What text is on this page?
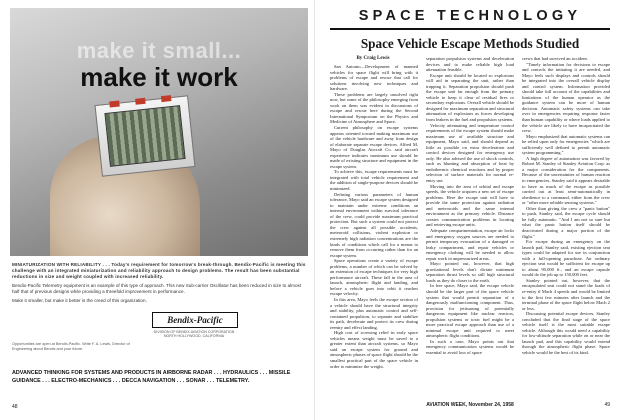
make it small...
make it work

MINIATURIZATION WITH RELIABILITY . . . Today's requirement for tomorrow's break-through. Bendix-Pacific is meeting this challenge with an integrated miniaturization and reliability approach to design problems. The result has been substantial reductions in size and weight coupled with increased reliability.

Bendix-Pacific Telemetry equipment is an example of this type of approach. This new Sub-carrier Oscillator has been reduced in size to almost half that of previous designs while providing a threefold improvement in performance.

Make it smaller, but make it better is the creed of this organization.

Bendix-Pacific
DIVISION OF BENDIX AVIATION CORPORATION
NORTH HOLLYWOOD, CALIFORNIA
Opportunities are open at Bendix-Pacific. Write F. A. Lewis, Director of Engineering about Bendix and your future.
ADVANCED THINKING FOR SYSTEMS AND PRODUCTS IN AIRBORNE RADAR . . . HYDRAULICS . . . MISSILE GUIDANCE . . . ELECTRO-MECHANICS . . . DECCA NAVIGATION . . . SONAR . . . TELEMETRY.
48
SPACE TECHNOLOGY
Space Vehicle Escape Methods Studied
By Craig Lewis

San Antonio—Development of manned vehicles for space flight will bring with it problems of escape and rescue that call for solutions involving new techniques and hardware.

These problems are largely unsolved right now, but some of the philosophy emerging from work on them was evident in discussions of escape and rescue here during the Second International Symposium on the Physics and Medicine of Atmosphere and Space.

Current philosophy on escape systems appears oriented toward making maximum use of the vehicle hardware and away from design of elaborate separate escape devices. Alfred M. Mayo of Douglas Aircraft Co. said aircraft experience indicates maximum use should be made of existing structure and equipment in the escape system.

To achieve this, escape requirements must be integrated with total vehicle requirement and the addition of single-purpose devices should be minimized.

Defining various parameters of human tolerance, Mayo said an escape system designed to maintain under extreme conditions an internal environment within survival tolerance of the crew, could provide maximum practical protection. But such a system could not protect the crew against all possible accidents, meteoroid collisions, violent explosion or extremely high radiation concentrations are the kinds of conditions which call for a means to remove them from occurring rather than for an escape system.

Space operations create a variety of escape problems, a number of which can be solved by an extension of escape techniques for very high performance aircraft. These fall in the area of launch, atmospheric flight and landing, and before a vehicle goes into orbit it reaches escape velocity.

In this area, Mayo feels the escape section of a vehicle should have the structural integrity and stability, plus automatic control and self-contained propulsion, to separate and stabilize its path, decelerate and protect its crew during reentry and effect landing.

High cost of screwing relief in early space vehicles means weight must be saved to a greater extent than aircraft systems, so Mayo said an escape system for ground and atmospheric phases of space flight should be the smallest practical part of the space vehicle in order to minimize the weight.

separation propulsion systems and deceleration devices and to make reliable high load attenuation feasible.

Escape unit should be located so explosions will aid in separating the unit, rather than trapping it. Separation propulsion should push the escape unit far enough from the primary vehicle to keep it clear of residual fires or secondary explosions. Overall vehicle should be designed for maximum separation and structural attenuation of explosions as forces developing from leakers in the fuel and propulsion systems.

Velocity attenuating and temperature control requirements of the escape system should make maximum use of available structure and equipment, Mayo said, and should depend as little as possible on extra deceleration and control devices designed for emergency use only. He also advised the use of shock controls, such as blunting and absorption of heat by endothermic chemical reactions and by proper selection of surface materials for normal re-entry use.

Moving into the area of orbital and escape speeds, the vehicle acquires a new set of escape problems. Here the escape unit will have to provide the same protection against radiation and meteoroids and the same internal environment as the primary vehicle. Distance creates communication problems in locating and retrieving escape units.

Adequate compartmentation, escape air locks and emergency oxygen sources are needed to permit temporary evacuation of a damaged or leaky compartment, and repair vehicles or emergency clothing will be needed to allow repair work in unpressurized areas.

Mayo pointed out, however, that high gravitational levels don't dictate minimum separation thrust levels so still high structural loads as they do closer to the earth.

In free space, Mayo said, the escape vehicle should be the larger part of the space vehicle system that would permit separation of a dangerously malfunctioning component. Thus, provision for jettisoning of potentially dangerous equipment like nuclear reactors, propulsion systems or toxic fuel might be a more practical escape approach than use of a minimal escape unit required to meet atmospheric flight conditions.

In such a case, Mayo points out that emergency communication systems would be essential to avoid loss of space

crews that had survived an accident.

"Timely information for decisions to escape and controls the initiating it are needed, and Mayo feels such displays and controls should be integrated into the overall vehicle display and control system. Information provided should take full account of the capabilities and limitations of the human operator as the guidance system can be more of human decision. Automatic safety systems can take over in emergencies requiring response faster than human capability or where loads applied to the vehicle are likely to have incapacitated the crew.

Mayo emphasized that automatic systems can be relied upon only for emergencies "which are sufficiently well defined to permit automatic system programming."

A high degree of automation was favored by Robert M. Stanley of Stanley Aviation Corp. as a major consideration for the components. Because of the uncertainties of human reaction to emergencies, Stanley said it appears desirable to have as much of the escape as possible carried out at least semi-automatically in obedience to a command, either from the crew or "other more reliable sensing systems."

Other than giving the crew a "panic button" to push, Stanley said, the escape cycle should be fully automatic. "And I am not so sure but what the panic button itself should be deactivated during a major portion of the flight."

For escape during an emergency on the launch pad, Stanley said, existing ejection seat types could be adapted for use in conjunction with a full-opening parachute. An ordinary ejection seat would be sufficient for escape up to about 90,000 ft., and an escape capsule would do the job up to 150,000 feet.

Stanley pointed out, however, that the encapsulated seat could not stand the loads of re-entry if Mach 4 speeds and would be limited to the first few minutes after launch and the terminal phase of the space flight below Mach 2 or less.

Discussing potential escape devices, Stanley concluded that the final stage of the space vehicle itself is the most suitable escape vehicle. Although this would need a capability for low-altitude separation while on or near the launch pad, and this capability would extend through the atmospheric flight phase. Space vehicle would be the best of its kind.

AVIATION WEEK, November 24, 1958	49
